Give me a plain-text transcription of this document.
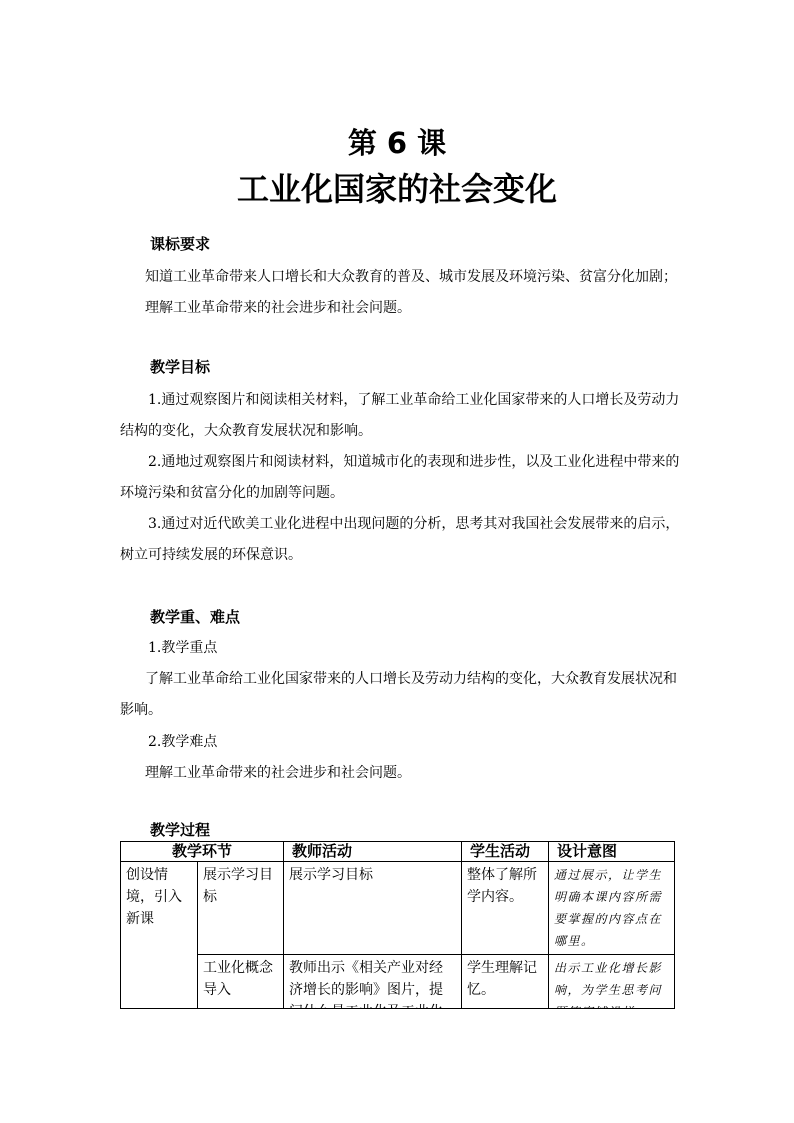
第 6 课
工业化国家的社会变化

课标要求

知道工业革命带来人口增长和大众教育的普及、城市发展及环境污染、贫富分化加剧；

理解工业革命带来的社会进步和社会问题。

教学目标

1.通过观察图片和阅读相关材料，了解工业革命给工业化国家带来的人口增长及劳动力

结构的变化，大众教育发展状况和影响。

2.通地过观察图片和阅读材料，知道城市化的表现和进步性，以及工业化进程中带来的

环境污染和贫富分化的加剧等问题。

3.通过对近代欧美工业化进程中出现问题的分析，思考其对我国社会发展带来的启示，

树立可持续发展的环保意识。

教学重、难点

1.教学重点

了解工业革命给工业化国家带来的人口增长及劳动力结构的变化，大众教育发展状况和

影响。

2.教学难点

理解工业革命带来的社会进步和社会问题。

教学过程

教学环节		教师活动	学生活动	设计意图
创设情境，引入新课	展示学习目标	展示学习目标	整体了解所学内容。	通过展示，让学生明确本课内容所需要掌握的内容点在哪里。
	工业化概念导入	教师出示《相关产业对经济增长的影响》图片，提	学生理解记忆。	出示工业化增长影响，为学生思考问
